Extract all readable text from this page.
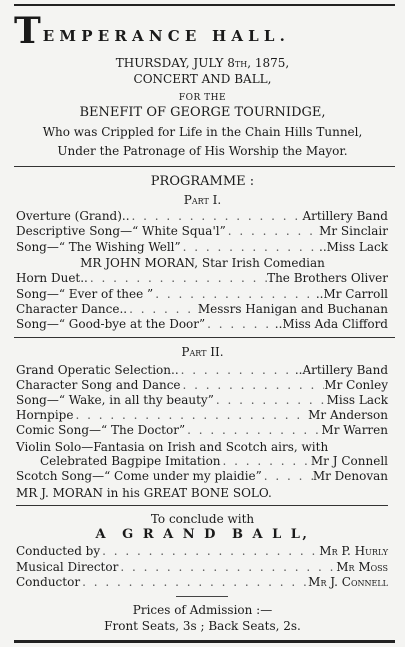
TEMPERANCE HALL.
THURSDAY, JULY 8th, 1875,
CONCERT AND BALL,
FOR THE
BENEFIT OF GEORGE TOURNIDGE,
Who was Crippled for Life in the Chain Hills Tunnel,
Under the Patronage of His Worship the Mayor.
PROGRAMME :
Part I.
Overture (Grand).. . . .	Artillery Band
Descriptive Song—“ White Squa'l” . . .	Mr Sinclair
Song—“ The Wishing Well” . . .	..Miss Lack
MR JOHN MORAN, Star Irish Comedian
Horn Duet.. . . .	The Brothers Oliver
Song—“ Ever of thee ” . . .	..Mr Carroll
Character Dance.. . . .	Messrs Hanigan and Buchanan
Song—“ Good-bye at the Door” . . .	..Miss Ada Clifford
Part II.
Grand Operatic Selection.. . . .	..Artillery Band
Character Song and Dance . . .	Mr Conley
Song—“ Wake, in all thy beauty” . . .	Miss Lack
Hornpipe . . .	Mr Anderson
Comic Song—“ The Doctor” . . .	Mr Warren
Violin Solo—Fantasia on Irish and Scotch airs, with
Celebrated Bagpipe Imitation . . .	Mr J Connell
Scotch Song—“ Come under my plaidie” . . .	Mr Denovan
MR J. MORAN in his GREAT BONE SOLO.
To conclude with
A  G R A N D  B A L L,
Conducted by . . .	Mr P. Hurly
Musical Director . . .	Mr Moss
Conductor . . .	Mr J. Connell
Prices of Admission :—
Front Seats, 3s ; Back Seats, 2s.
